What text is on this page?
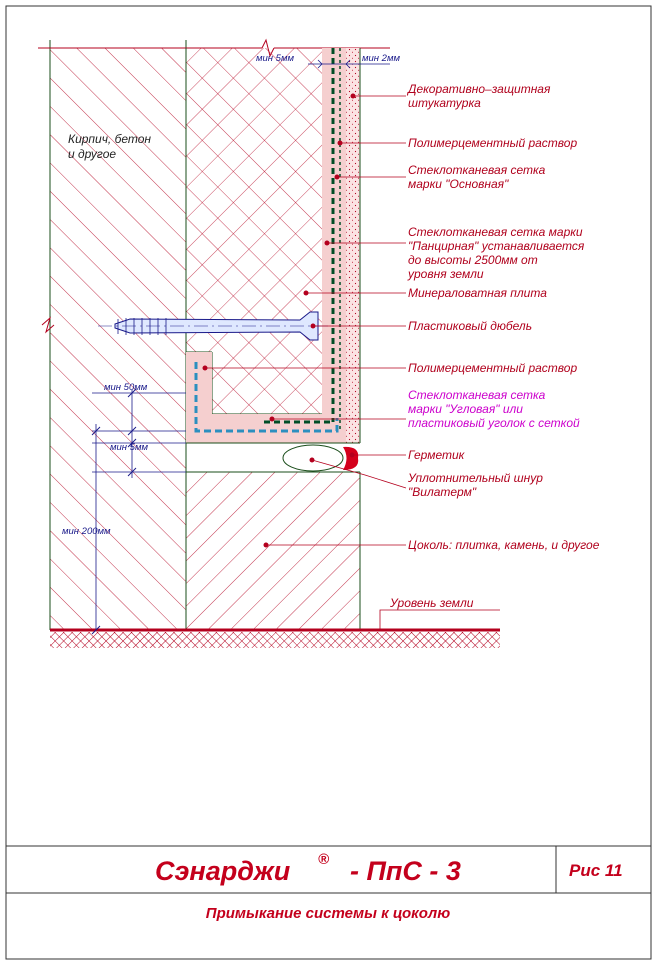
Кирпич, бетон
и другое
Декоративно–защитная
штукатурка
Полимерцементный раствор
Стеклотканевая сетка
марки "Основная"
Стеклотканевая сетка марки
"Панцирная" устанавливается
до высоты 2500мм от
уровня земли
Минераловатная плита
Пластиковый дюбель
Полимерцементный раствор
Стеклотканевая сетка
марки "Угловая" или
пластиковый уголок с сеткой
Герметик
Уплотнительный шнур
"Вилатерм"
Цоколь: плитка, камень, и другое
Уровень земли
мин 5мм	мин 2мм
мин 50мм
мин 5мм
мин 200мм
Сэнарджи ® - ПпС - 3	Рис 11
Примыкание системы к цоколю
